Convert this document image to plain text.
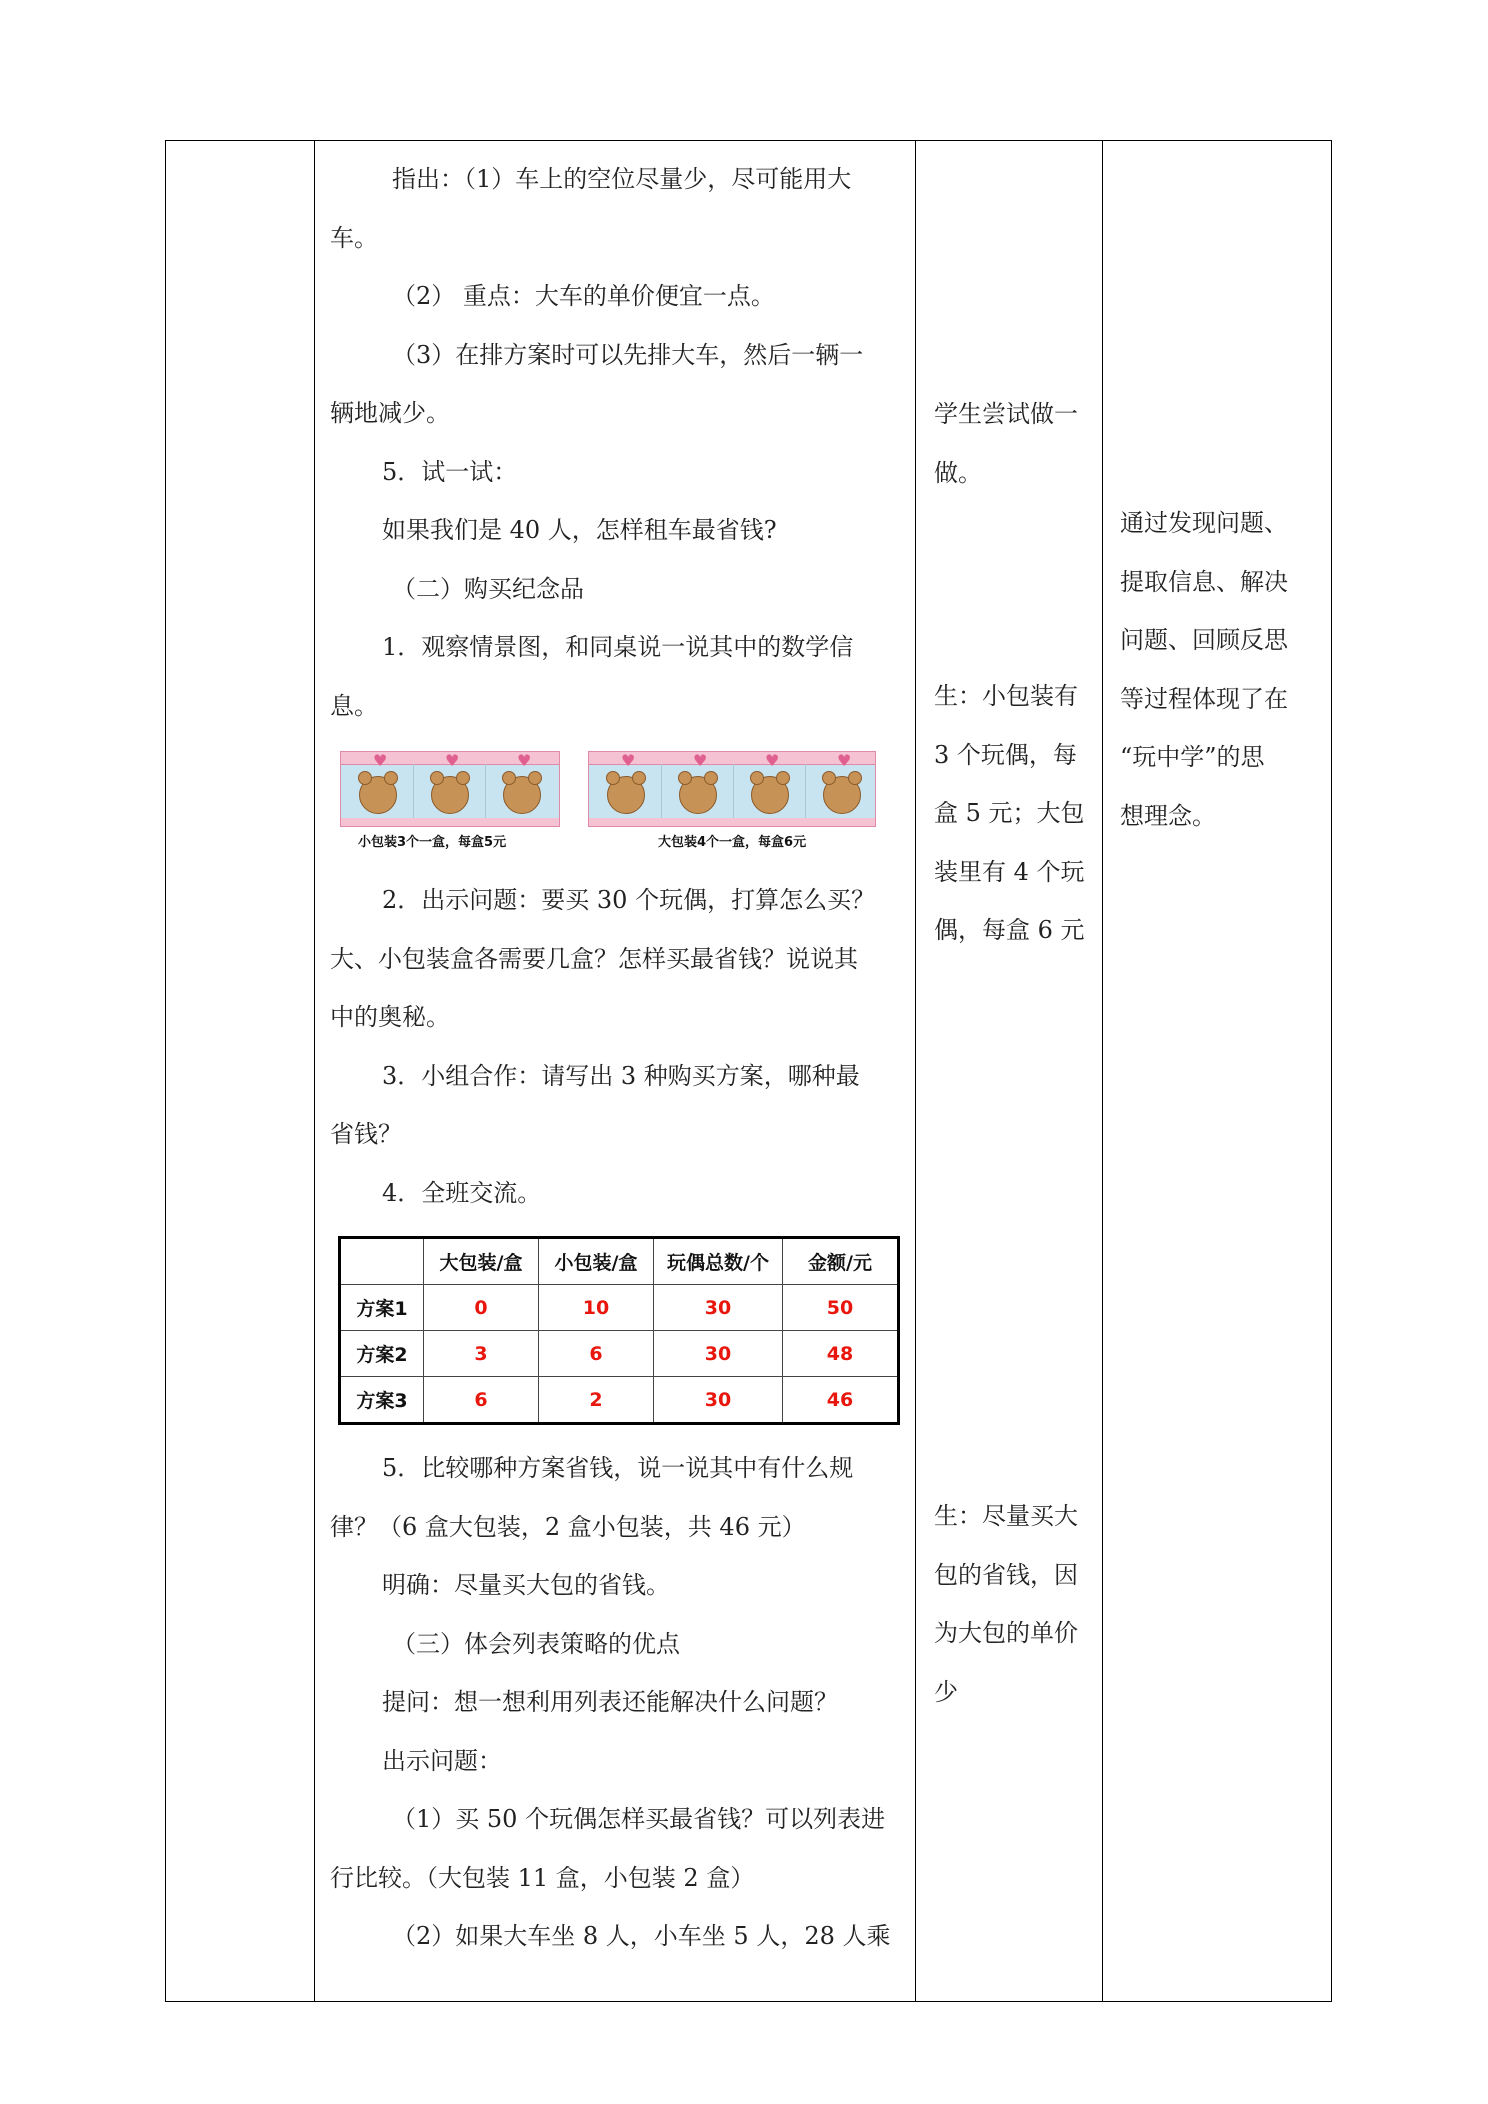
指出：（1）车上的空位尽量少，尽可能用大

车。

（2） 重点：大车的单价便宜一点。

（3）在排方案时可以先排大车，然后一辆一

辆地减少。

5．试一试：

如果我们是 40 人，怎样租车最省钱?

（二）购买纪念品

1．观察情景图，和同桌说一说其中的数学信

息。

♥	♥	♥
小包装3个一盒，每盒5元
♥	♥	♥	♥
大包装4个一盒，每盒6元

2．出示问题：要买 30 个玩偶，打算怎么买？

大、小包装盒各需要几盒？怎样买最省钱？说说其

中的奥秘。

3．小组合作：请写出 3 种购买方案，哪种最

省钱？

4．全班交流。

	大包装/盒	小包装/盒	玩偶总数/个	金额/元
方案1	0	10	30	50
方案2	3	6	30	48
方案3	6	2	30	46

5．比较哪种方案省钱，说一说其中有什么规

律？（6 盒大包装，2 盒小包装，共 46 元）

明确：尽量买大包的省钱。

（三）体会列表策略的优点

提问：想一想利用列表还能解决什么问题？

出示问题：

（1）买 50 个玩偶怎样买最省钱？可以列表进

行比较。（大包装 11 盒，小包装 2 盒）

（2）如果大车坐 8 人，小车坐 5 人，28 人乘

学生尝试做一

做。

生：小包装有

3 个玩偶，每

盒 5 元；大包

装里有 4 个玩

偶，每盒 6 元

生：尽量买大

包的省钱，因

为大包的单价

少

通过发现问题、

提取信息、解决

问题、回顾反思

等过程体现了在

“玩中学”的思

想理念。
